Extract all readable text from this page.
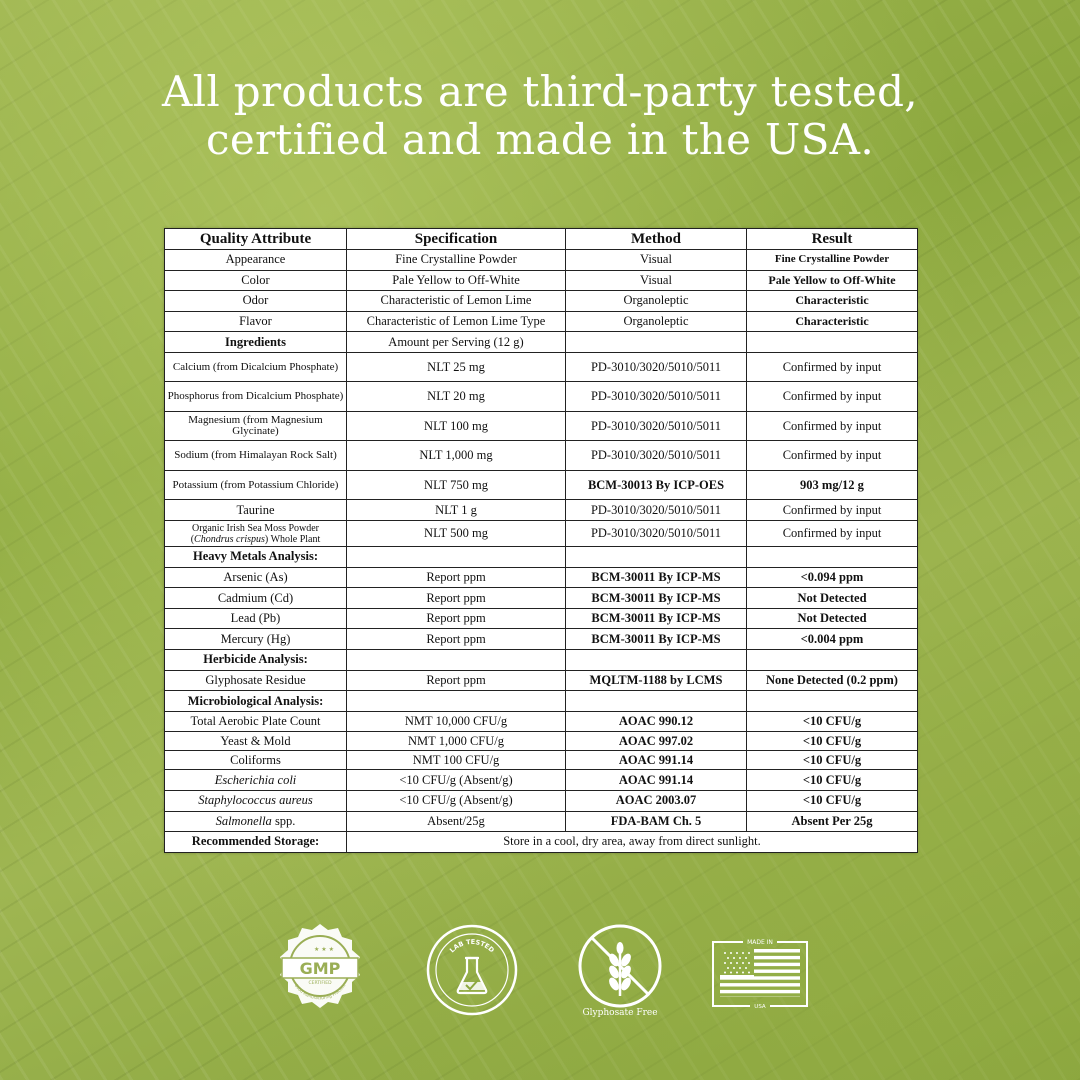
All products are third-party tested,
certified and made in the USA.
Quality Attribute	Specification	Method	Result
Appearance	Fine Crystalline Powder	Visual	Fine Crystalline Powder
Color	Pale Yellow to Off-White	Visual	Pale Yellow to Off-White
Odor	Characteristic of Lemon Lime	Organoleptic	Characteristic
Flavor	Characteristic of Lemon Lime Type	Organoleptic	Characteristic
Ingredients	Amount per Serving (12 g)		
Calcium (from Dicalcium Phosphate)	NLT 25 mg	PD-3010/3020/5010/5011	Confirmed by input
Phosphorus from Dicalcium Phosphate)	NLT 20 mg	PD-3010/3020/5010/5011	Confirmed by input
Magnesium (from Magnesium Glycinate)	NLT 100 mg	PD-3010/3020/5010/5011	Confirmed by input
Sodium (from Himalayan Rock Salt)	NLT 1,000 mg	PD-3010/3020/5010/5011	Confirmed by input
Potassium (from Potassium Chloride)	NLT 750 mg	BCM-30013 By ICP-OES	903 mg/12 g
Taurine	NLT 1 g	PD-3010/3020/5010/5011	Confirmed by input

Organic Irish Sea Moss Powder
(Chondrus crispus) Whole Plant	NLT 500 mg	PD-3010/3020/5010/5011	Confirmed by input
Heavy Metals Analysis:			
Arsenic (As)	Report ppm	BCM-30011 By ICP-MS	<0.094 ppm
Cadmium (Cd)	Report ppm	BCM-30011 By ICP-MS	Not Detected
Lead (Pb)	Report ppm	BCM-30011 By ICP-MS	Not Detected
Mercury (Hg)	Report ppm	BCM-30011 By ICP-MS	<0.004 ppm
Herbicide Analysis:			
Glyphosate Residue	Report ppm	MQLTM-1188 by LCMS	None Detected (0.2 ppm)
Microbiological Analysis:			
Total Aerobic Plate Count	NMT 10,000 CFU/g	AOAC 990.12	<10 CFU/g
Yeast & Mold	NMT 1,000 CFU/g	AOAC 997.02	<10 CFU/g
Coliforms	NMT 100 CFU/g	AOAC 991.14	<10 CFU/g
Escherichia coli	<10 CFU/g (Absent/g)	AOAC 991.14	<10 CFU/g
Staphylococcus aureus	<10 CFU/g (Absent/g)	AOAC 2003.07	<10 CFU/g
Salmonella spp.	Absent/25g	FDA-BAM Ch. 5	Absent Per 25g
Recommended Storage:	Store in a cool, dry area, away from direct sunlight.		
GMP
CERTIFIED
★ ★ ★
Good Manufacturing Practice
LAB TESTED
Glyphosate Free
MADE IN
USA
